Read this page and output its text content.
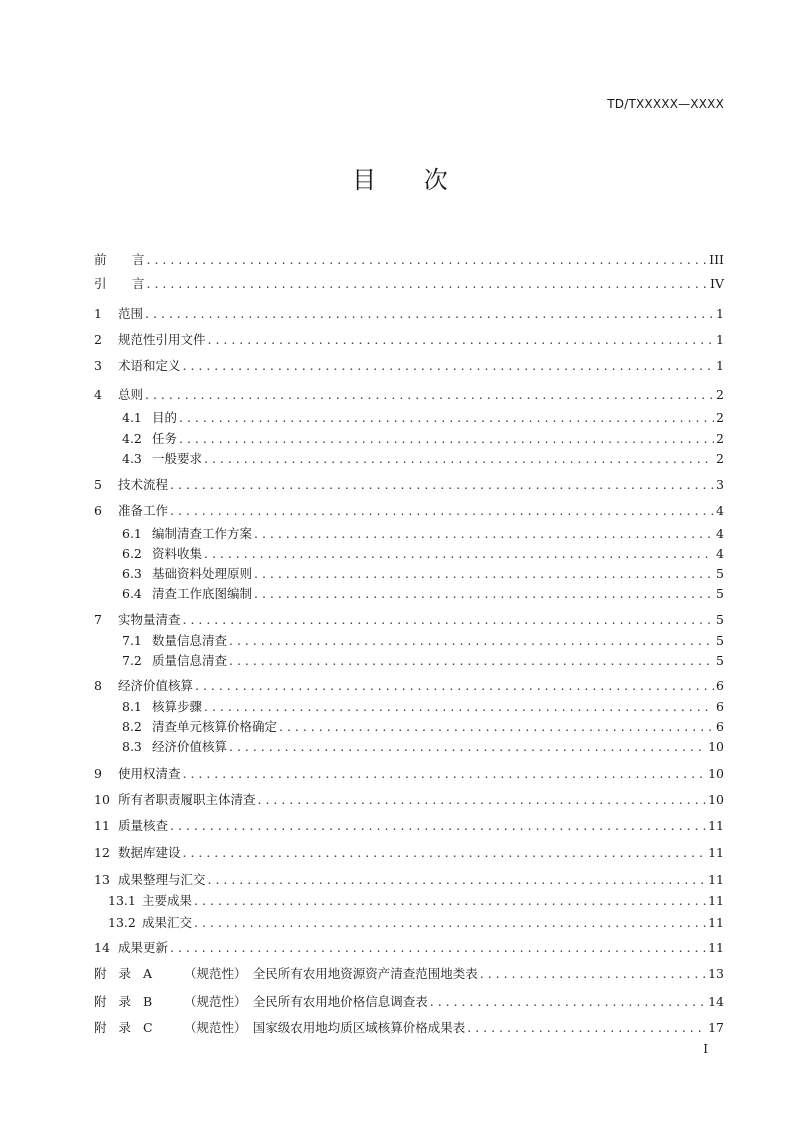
TD/TXXXXX—XXXX
目 次
前	言 . . .	III
引	言 . . .	IV
1	范围 . . .	1
2	规范性引用文件 . . .	1
3	术语和定义 . . .	1
4	总则 . . .	2
4.1 目的 . . .	2
4.2 任务 . . .	2
4.3 一般要求 . . .	2
5	技术流程 . . .	3
6	准备工作 . . .	4
6.1 编制清查工作方案 . . .	4
6.2 资料收集 . . .	4
6.3 基础资料处理原则 . . .	5
6.4 清查工作底图编制 . . .	5
7	实物量清查 . . .	5
7.1 数量信息清查 . . .	5
7.2 质量信息清查 . . .	5
8	经济价值核算 . . .	6
8.1 核算步骤 . . .	6
8.2 清查单元核算价格确定 . . .	6
8.3 经济价值核算 . . .	10
9	使用权清查 . . .	10
10 所有者职责履职主体清查 . . .	10
11 质量核查 . . .	11
12 数据库建设 . . .	11
13 成果整理与汇交 . . .	11
13.1 主要成果 . . .	11
13.2 成果汇交 . . .	11
14 成果更新 . . .	11
附 录 A	（规范性）　全民所有农用地资源资产清查范围地类表 . . .	13
附 录 B	（规范性）　全民所有农用地价格信息调查表 . . .	14
附 录 C	（规范性）　国家级农用地均质区域核算价格成果表 . . .	17
I
